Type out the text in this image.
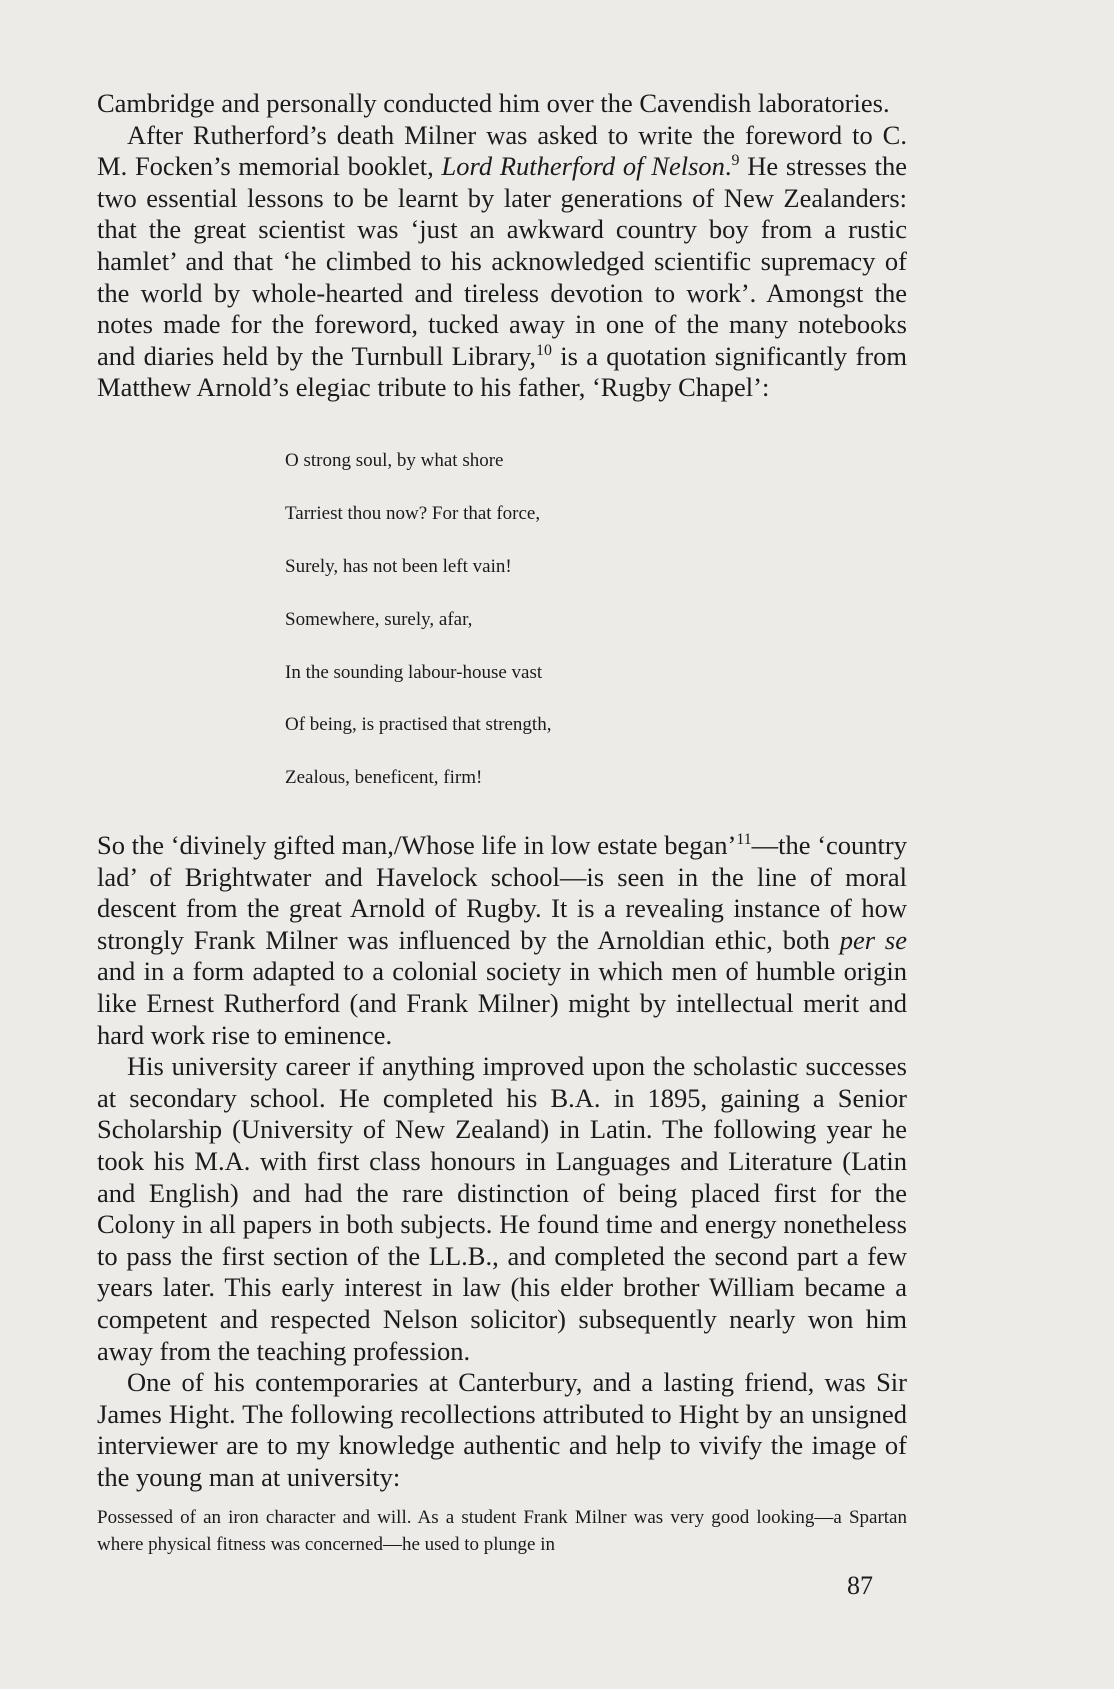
Cambridge and personally conducted him over the Cavendish laboratories.

After Rutherford’s death Milner was asked to write the foreword to C. M. Focken’s memorial booklet, Lord Rutherford of Nelson.$^9$ He stresses the two essential lessons to be learnt by later generations of New Zealanders: that the great scientist was ‘just an awkward country boy from a rustic hamlet’ and that ‘he climbed to his acknowledged scientific supremacy of the world by whole-hearted and tireless devotion to work’. Amongst the notes made for the foreword, tucked away in one of the many notebooks and diaries held by the Turnbull Library,$^{10}$ is a quotation significantly from Matthew Arnold’s elegiac tribute to his father, ‘Rugby Chapel’:

O strong soul, by what shore

Tarriest thou now? For that force,

Surely, has not been left vain!

Somewhere, surely, afar,

In the sounding labour-house vast

Of being, is practised that strength,

Zealous, beneficent, firm!

So the ‘divinely gifted man,/Whose life in low estate began’$^{11}$—the ‘country lad’ of Brightwater and Havelock school—is seen in the line of moral descent from the great Arnold of Rugby. It is a revealing instance of how strongly Frank Milner was influenced by the Arnoldian ethic, both per se and in a form adapted to a colonial society in which men of humble origin like Ernest Rutherford (and Frank Milner) might by intellectual merit and hard work rise to eminence.

His university career if anything improved upon the scholastic successes at secondary school. He completed his B.A. in 1895, gaining a Senior Scholarship (University of New Zealand) in Latin. The following year he took his M.A. with first class honours in Languages and Literature (Latin and English) and had the rare distinction of being placed first for the Colony in all papers in both subjects. He found time and energy nonetheless to pass the first section of the LL.B., and completed the second part a few years later. This early interest in law (his elder brother William became a competent and respected Nelson solicitor) subsequently nearly won him away from the teaching profession.

One of his contemporaries at Canterbury, and a lasting friend, was Sir James Hight. The following recollections attributed to Hight by an unsigned interviewer are to my knowledge authentic and help to vivify the image of the young man at university:

Possessed of an iron character and will. As a student Frank Milner was very good looking—a Spartan where physical fitness was concerned—he used to plunge in

87
